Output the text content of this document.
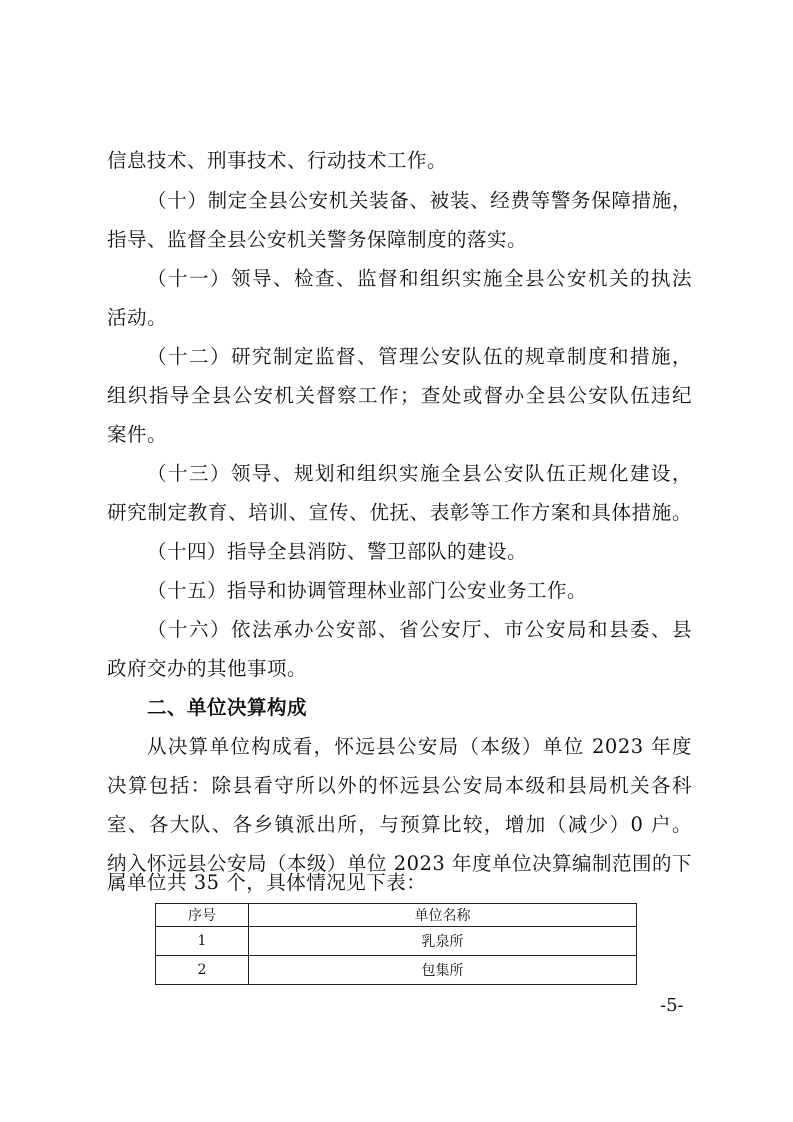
信息技术、刑事技术、行动技术工作。
（十）制定全县公安机关装备、被装、经费等警务保障措施，
指导、监督全县公安机关警务保障制度的落实。
（十一）领导、检查、监督和组织实施全县公安机关的执法
活动。
（十二）研究制定监督、管理公安队伍的规章制度和措施，
组织指导全县公安机关督察工作；查处或督办全县公安队伍违纪
案件。
（十三）领导、规划和组织实施全县公安队伍正规化建设，
研究制定教育、培训、宣传、优抚、表彰等工作方案和具体措施。
（十四）指导全县消防、警卫部队的建设。
（十五）指导和协调管理林业部门公安业务工作。
（十六）依法承办公安部、省公安厅、市公安局和县委、县
政府交办的其他事项。
二、单位决算构成
从决算单位构成看，怀远县公安局（本级）单位 2023 年度
决算包括：除县看守所以外的怀远县公安局本级和县局机关各科
室、各大队、各乡镇派出所，与预算比较，增加（减少）0 户。
纳入怀远县公安局（本级）单位 2023 年度单位决算编制范围的下
属单位共 35 个，具体情况见下表：
序号	单位名称
1	乳泉所
2	包集所
-5-
